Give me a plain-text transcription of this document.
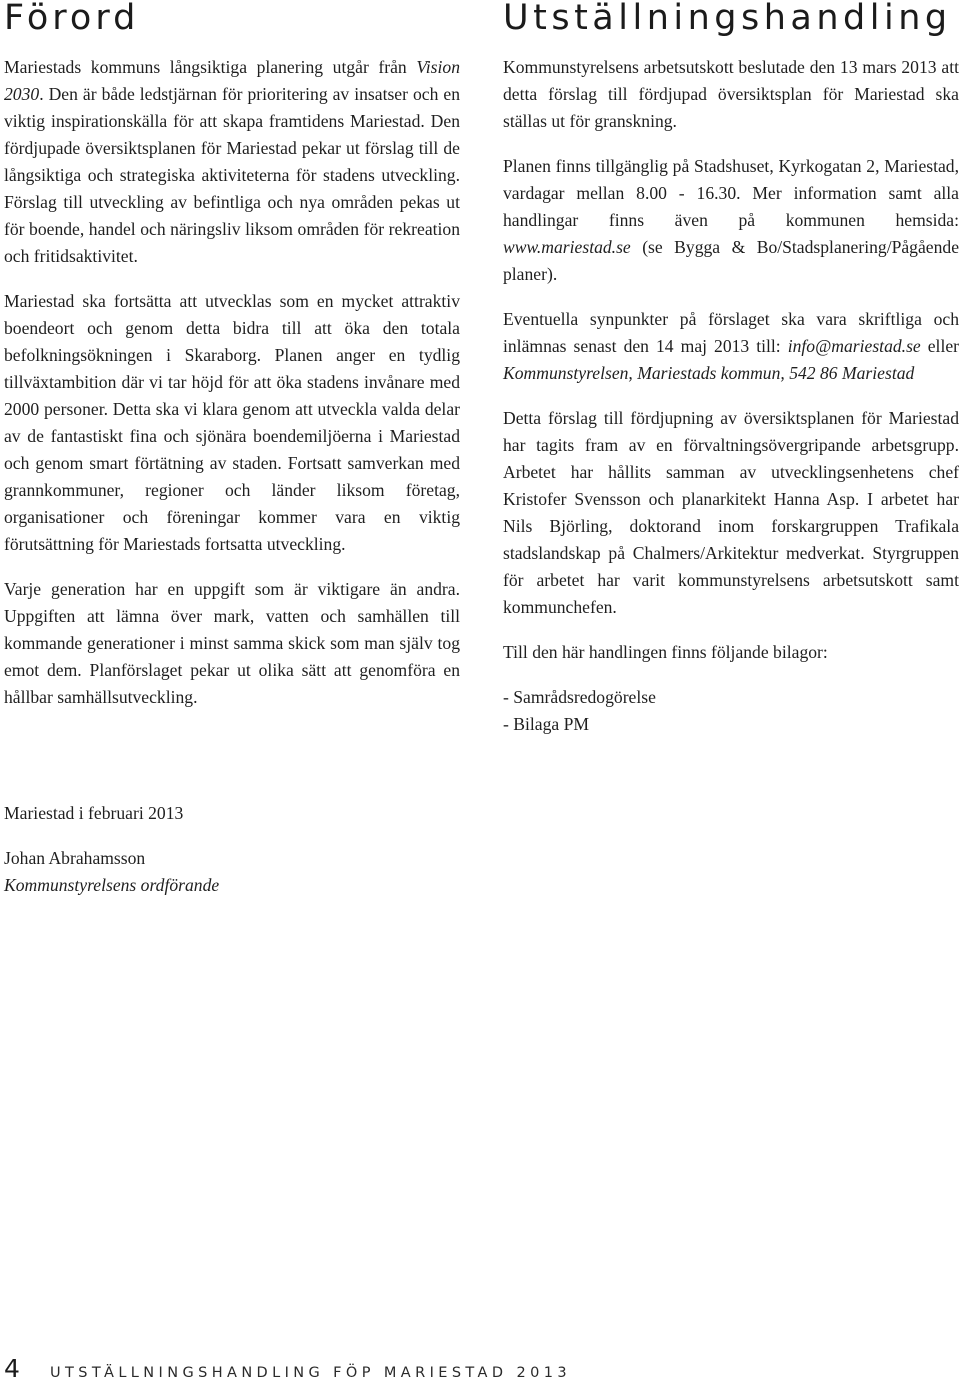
Förord

Mariestads kommuns långsiktiga planering utgår från Vision 2030. Den är både ledstjärnan för prioritering av insatser och en viktig inspirationskälla för att skapa framtidens Mariestad. Den fördjupade översiktsplanen för Mariestad pekar ut förslag till de långsiktiga och strategiska aktiviteterna för stadens utveckling. Förslag till utveckling av befintliga och nya områden pekas ut för boende, handel och näringsliv liksom områden för rekreation och fritidsaktivitet.

Mariestad ska fortsätta att utvecklas som en mycket attraktiv boendeort och genom detta bidra till att öka den totala befolkningsökningen i Skaraborg. Planen anger en tydlig tillväxtambition där vi tar höjd för att öka stadens invånare med 2000 personer. Detta ska vi klara genom att utveckla valda delar av de fantastiskt fina och sjönära boendemiljöerna i Mariestad och genom smart förtätning av staden. Fortsatt samverkan med grannkommuner, regioner och länder liksom företag, organisationer och föreningar kommer vara en viktig förutsättning för Mariestads fortsatta utveckling.

Varje generation har en uppgift som är viktigare än andra. Uppgiften att lämna över mark, vatten och samhällen till kommande generationer i minst samma skick som man själv tog emot dem. Planförslaget pekar ut olika sätt att genomföra en hållbar samhällsutveckling.

Utställningshandling

Kommunstyrelsens arbetsutskott beslutade den 13 mars 2013 att detta förslag till fördjupad översiktsplan för Mariestad ska ställas ut för granskning.

Planen finns tillgänglig på Stadshuset, Kyrkogatan 2, Mariestad, vardagar mellan 8.00 - 16.30. Mer information samt alla handlingar finns även på kommunen hemsida: www.mariestad.se (se Bygga & Bo/Stadsplanering/Pågående planer).

Eventuella synpunkter på förslaget ska vara skriftliga och inlämnas senast den 14 maj 2013 till: info@mariestad.se eller Kommunstyrelsen, Mariestads kommun, 542 86 Mariestad

Detta förslag till fördjupning av översiktsplanen för Mariestad har tagits fram av en förvaltningsövergripande arbetsgrupp. Arbetet har hållits samman av utvecklingsenhetens chef Kristofer Svensson och planarkitekt Hanna Asp. I arbetet har Nils Björling, doktorand inom forskargruppen Trafikala stadslandskap på Chalmers/Arkitektur medverkat. Styrgruppen för arbetet har varit kommunstyrelsens arbetsutskott samt kommunchefen.

Till den här handlingen finns följande bilagor:

- Samrådsredogörelse

- Bilaga PM

Mariestad i februari 2013

Johan Abrahamsson

Kommunstyrelsens ordförande

4	UTSTÄLLNINGSHANDLING FÖP MARIESTAD 2013
